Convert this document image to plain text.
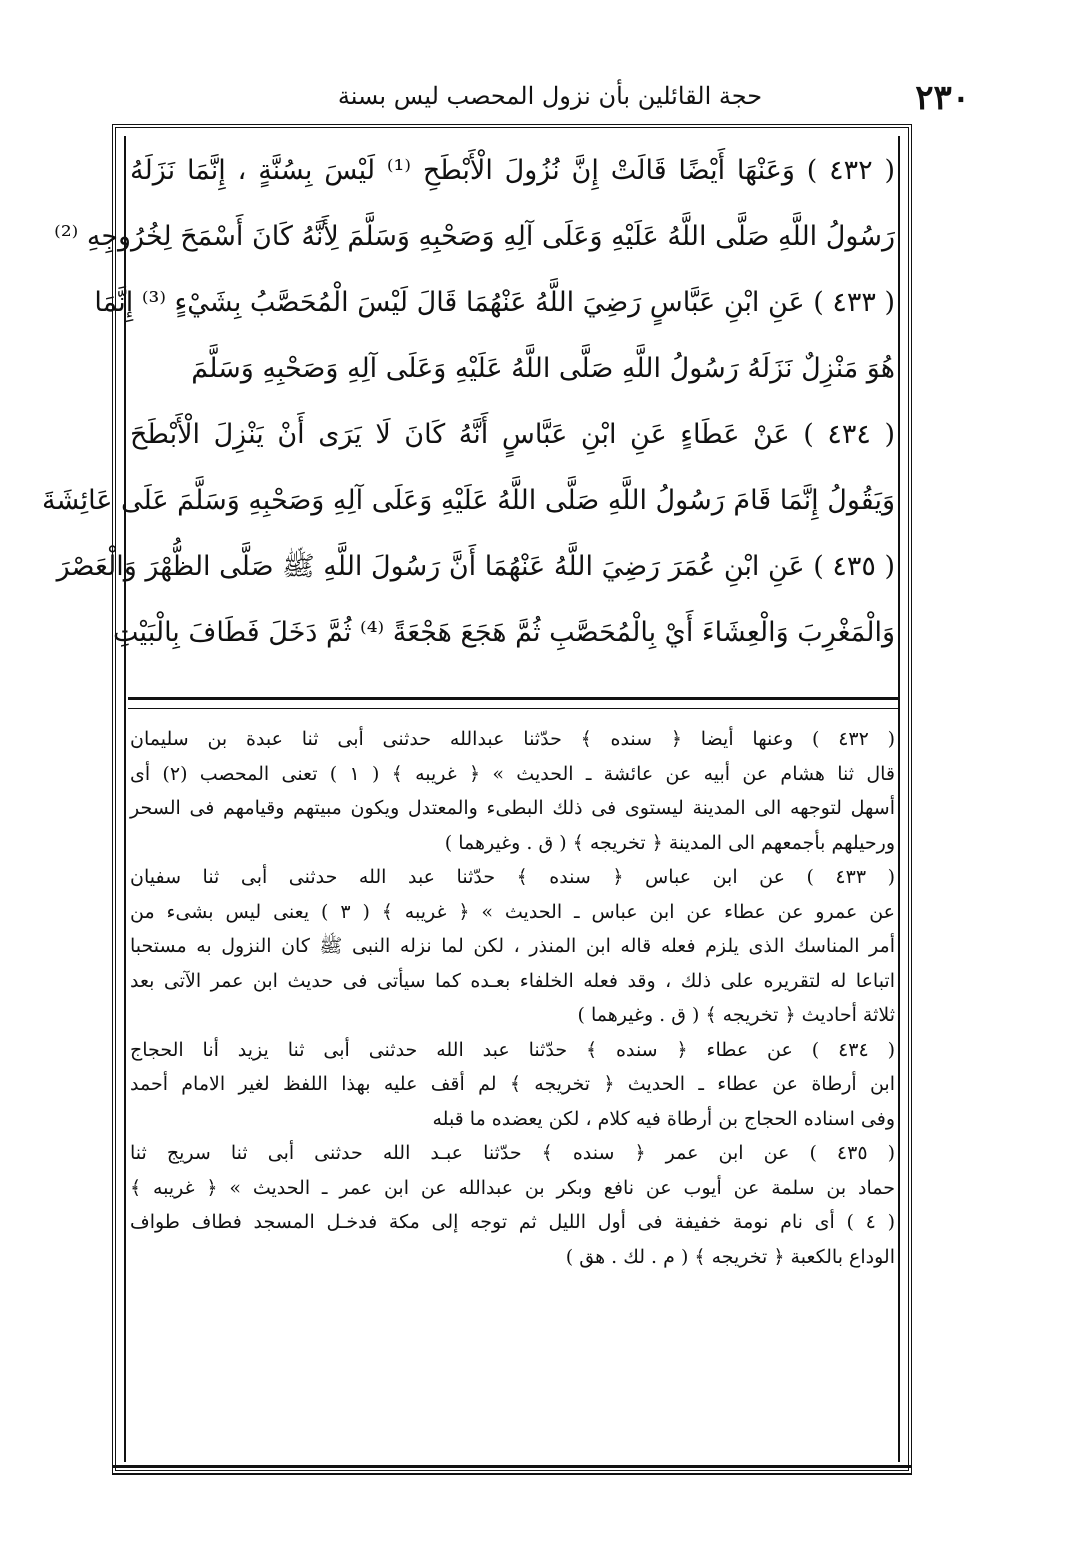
٢٣٠
حجة القائلين بأن نزول المحصب ليس بسنة
( ٤٣٢ ) وَعَنْهَا أَيْضًا قَالَتْ إِنَّ نُزُولَ الْأَبْطَحِ ⁽¹⁾ لَيْسَ بِسُنَّةٍ ، إِنَّمَا نَزَلَهُ
رَسُولُ اللَّهِ صَلَّى اللَّهُ عَلَيْهِ وَعَلَى آلِهِ وَصَحْبِهِ وَسَلَّمَ لِأَنَّهُ كَانَ أَسْمَحَ لِخُرُوجِهِ ⁽²⁾
( ٤٣٣ ) عَنِ ابْنِ عَبَّاسٍ رَضِيَ اللَّهُ عَنْهُمَا قَالَ لَيْسَ الْمُحَصَّبُ بِشَيْءٍ ⁽³⁾ إِنَّمَا
هُوَ مَنْزِلٌ نَزَلَهُ رَسُولُ اللَّهِ صَلَّى اللَّهُ عَلَيْهِ وَعَلَى آلِهِ وَصَحْبِهِ وَسَلَّمَ
( ٤٣٤ ) عَنْ عَطَاءٍ عَنِ ابْنِ عَبَّاسٍ أَنَّهُ كَانَ لَا يَرَى أَنْ يَنْزِلَ الْأَبْطَحَ
وَيَقُولُ إِنَّمَا قَامَ رَسُولُ اللَّهِ صَلَّى اللَّهُ عَلَيْهِ وَعَلَى آلِهِ وَصَحْبِهِ وَسَلَّمَ عَلَى عَائِشَةَ
( ٤٣٥ ) عَنِ ابْنِ عُمَرَ رَضِيَ اللَّهُ عَنْهُمَا أَنَّ رَسُولَ اللَّهِ ﷺ صَلَّى الظُّهْرَ وَالْعَصْرَ
وَالْمَغْرِبَ وَالْعِشَاءَ أَيْ بِالْمُحَصَّبِ ثُمَّ هَجَعَ هَجْعَةً ⁽⁴⁾ ثُمَّ دَخَلَ فَطَافَ بِالْبَيْتِ
( ٤٣٢ ) وعنها أيضا ﴿ سنده ﴾ حدّثنا عبدالله حدثنى أبى ثنا عبدة بن سليمان
قال ثنا هشام عن أبيه عن عائشة ـ الحديث » ﴿ غريبه ﴾ ( ١ ) تعنى المحصب (٢) أى
أسهل لتوجهه الى المدينة ليستوى فى ذلك البطىء والمعتدل ويكون مبيتهم وقيامهم فى السحر
ورحيلهم بأجمعهم الى المدينة ﴿ تخريجه ﴾ ( ق . وغيرهما )
( ٤٣٣ ) عن ابن عباس ﴿ سنده ﴾ حدّثنا عبد الله حدثنى أبى ثنا سفيان
عن عمرو عن عطاء عن ابن عباس ـ الحديث » ﴿ غريبه ﴾ ( ٣ ) يعنى ليس بشىء من
أمر المناسك الذى يلزم فعله قاله ابن المنذر ، لكن لما نزله النبى ﷺ كان النزول به مستحبا
اتباعا له لتقريره على ذلك ، وقد فعله الخلفاء بعـده كما سيأتى فى حديث ابن عمر الآتى بعد
ثلاثة أحاديث ﴿ تخريجه ﴾ ( ق . وغيرهما )
( ٤٣٤ ) عن عطاء ﴿ سنده ﴾ حدّثنا عبد الله حدثنى أبى ثنا يزيد أنا الحجاج
ابن أرطاة عن عطاء ـ الحديث ﴿ تخريجه ﴾ لم أقف عليه بهذا اللفظ لغير الامام أحمد
وفى اسناده الحجاج بن أرطاة فيه كلام ، لكن يعضده ما قبله
( ٤٣٥ ) عن ابن عمر ﴿ سنده ﴾ حدّثنا عبـد الله حدثنى أبى ثنا سريج ثنا
حماد بن سلمة عن أيوب عن نافع وبكر بن عبدالله عن ابن عمر ـ الحديث » ﴿ غريبه ﴾
( ٤ ) أى نام نومة خفيفة فى أول الليل ثم توجه إلى مكة فدخـل المسجد فطاف طواف
الوداع بالكعبة ﴿ تخريجه ﴾ ( م . لك . هق )
